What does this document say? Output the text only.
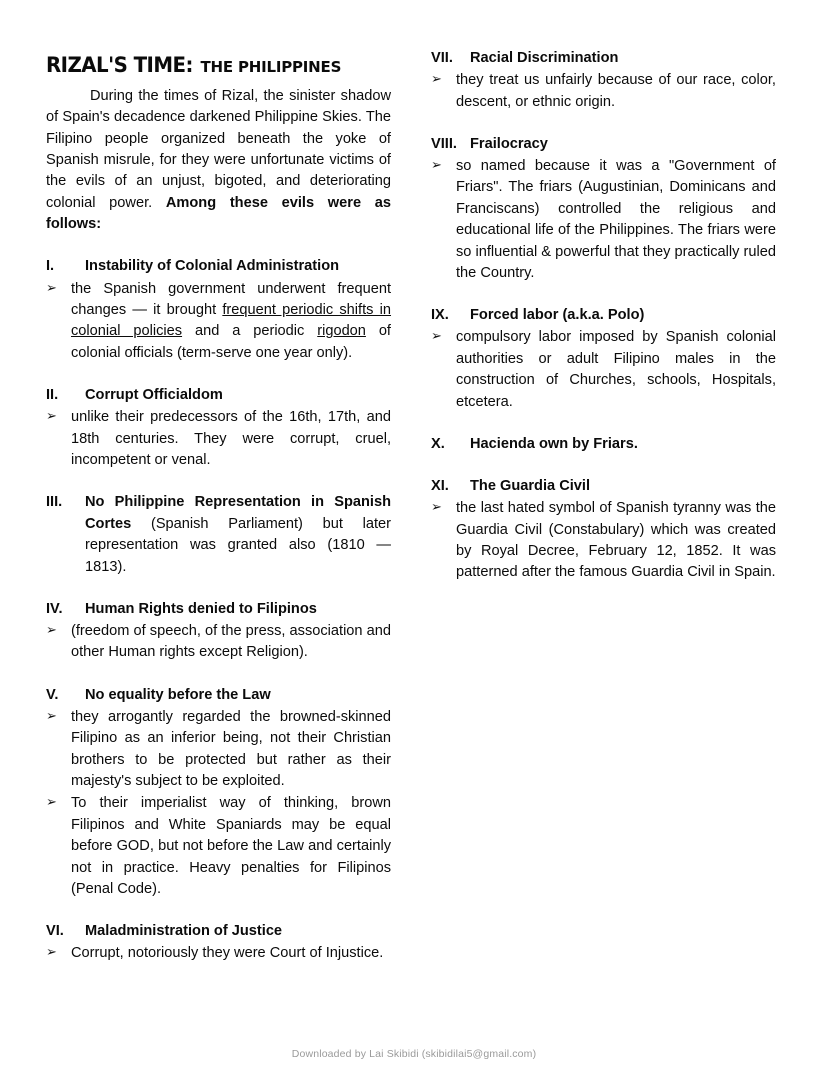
RIZAL'S TIME: THE PHILIPPINES

During the times of Rizal, the sinister shadow of Spain's decadence darkened Philippine Skies. The Filipino people organized beneath the yoke of Spanish misrule, for they were unfortunate victims of the evils of an unjust, bigoted, and deteriorating colonial power. Among these evils were as follows:

I.	Instability of Colonial Administration
➢ the Spanish government underwent frequent changes — it brought frequent periodic shifts in colonial policies and a periodic rigodon of colonial officials (term-serve one year only).
II.	Corrupt Officialdom
➢ unlike their predecessors of the 16th, 17th, and 18th centuries. They were corrupt, cruel, incompetent or venal.
III. No Philippine Representation in Spanish Cortes (Spanish Parliament) but later representation was granted also (1810 —1813).
IV.	Human Rights denied to Filipinos
➢ (freedom of speech, of the press, association and other Human rights except Religion).
V.	No equality before the Law
➢ they arrogantly regarded the browned-skinned Filipino as an inferior being, not their Christian brothers to be protected but rather as their majesty's subject to be exploited.
➢ To their imperialist way of thinking, brown Filipinos and White Spaniards may be equal before GOD, but not before the Law and certainly not in practice. Heavy penalties for Filipinos (Penal Code).
VI.	Maladministration of Justice
➢ Corrupt, notoriously they were Court of Injustice.
VII.	Racial Discrimination
➢ they treat us unfairly because of our race, color, descent, or ethnic origin.
VIII. Frailocracy
➢ so named because it was a "Government of Friars". The friars (Augustinian, Dominicans and Franciscans) controlled the religious and educational life of the Philippines. The friars were so influential & powerful that they practically ruled the Country.
IX.	Forced labor (a.k.a. Polo)
➢ compulsory labor imposed by Spanish colonial authorities or adult Filipino males in the construction of Churches, schools, Hospitals, etcetera.
X.	Hacienda own by Friars.
XI.	The Guardia Civil
➢ the last hated symbol of Spanish tyranny was the Guardia Civil (Constabulary) which was created by Royal Decree, February 12, 1852. It was patterned after the famous Guardia Civil in Spain.
Downloaded by Lai Skibidi (skibidilai5@gmail.com)
